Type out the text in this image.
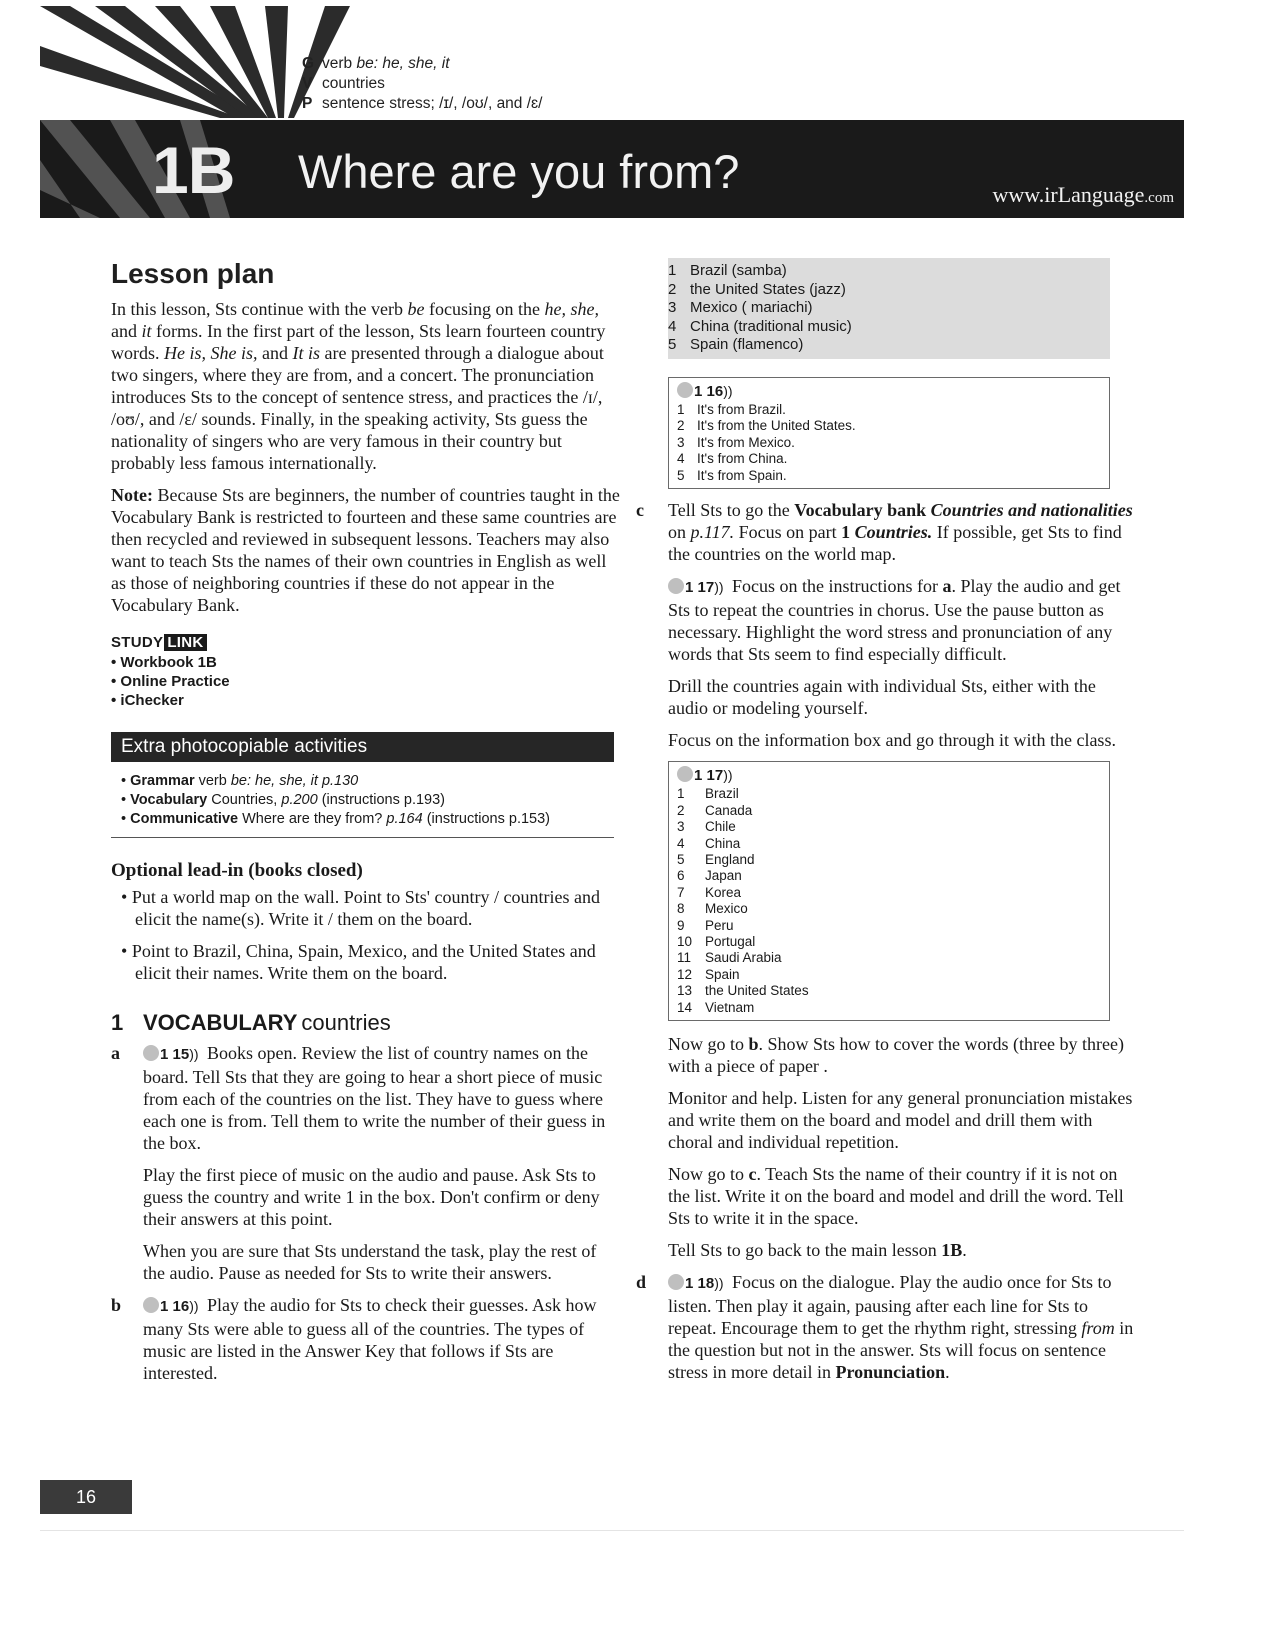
G verb be: he, she, it
V countries
P sentence stress; /ɪ/, /oʊ/, and /ɛ/
1B Where are you from?	www.irLanguage.com
Lesson plan

In this lesson, Sts continue with the verb be focusing on the he, she, and it forms. In the first part of the lesson, Sts learn fourteen country words. He is, She is, and It is are presented through a dialogue about two singers, where they are from, and a concert. The pronunciation introduces Sts to the concept of sentence stress, and practices the /ɪ/, /oʊ/, and /ɛ/ sounds. Finally, in the speaking activity, Sts guess the nationality of singers who are very famous in their country but probably less famous internationally.

Note: Because Sts are beginners, the number of countries taught in the Vocabulary Bank is restricted to fourteen and these same countries are then recycled and reviewed in subsequent lessons. Teachers may also want to teach Sts the names of their own countries in English as well as those of neighboring countries if these do not appear in the Vocabulary Bank.

STUDY LINK
• Workbook 1B
• Online Practice
• iChecker
Extra photocopiable activities
• Grammar verb be: he, she, it p.130
• Vocabulary Countries, p.200 (instructions p.193)
• Communicative Where are they from? p.164 (instructions p.153)
Optional lead-in (books closed)
• Put a world map on the wall. Point to Sts' country / countries and elicit the name(s). Write it / them on the board.
• Point to Brazil, China, Spain, Mexico, and the United States and elicit their names. Write them on the board.
1 VOCABULARY countries
a	1 15)) Books open. Review the list of country names on the board. Tell Sts that they are going to hear a short piece of music from each of the countries on the list. They have to guess where each one is from. Tell them to write the number of their guess in the box.

Play the first piece of music on the audio and pause. Ask Sts to guess the country and write 1 in the box. Don't confirm or deny their answers at this point.

When you are sure that Sts understand the task, play the rest of the audio. Pause as needed for Sts to write their answers.

b	1 16)) Play the audio for Sts to check their guesses. Ask how many Sts were able to guess all of the countries. The types of music are listed in the Answer Key that follows if Sts are interested.

1 Brazil (samba)
2 the United States (jazz)
3 Mexico ( mariachi)
4 China (traditional music)
5 Spain (flamenco)
1 16))
1 It's from Brazil.
2 It's from the United States.
3 It's from Mexico.
4 It's from China.
5 It's from Spain.
c Tell Sts to go the Vocabulary bank Countries and nationalities on p.117. Focus on part 1 Countries. If possible, get Sts to find the countries on the world map.

1 17)) Focus on the instructions for a. Play the audio and get Sts to repeat the countries in chorus. Use the pause button as necessary. Highlight the word stress and pronunciation of any words that Sts seem to find especially difficult.

Drill the countries again with individual Sts, either with the audio or modeling yourself.

Focus on the information box and go through it with the class.

1 17))
1 Brazil
2 Canada
3 Chile
4 China
5 England
6 Japan
7 Korea
8 Mexico
9 Peru
10 Portugal
11 Saudi Arabia
12 Spain
13 the United States
14 Vietnam

Now go to b. Show Sts how to cover the words (three by three) with a piece of paper .

Monitor and help. Listen for any general pronunciation mistakes and write them on the board and model and drill them with choral and individual repetition.

Now go to c. Teach Sts the name of their country if it is not on the list. Write it on the board and model and drill the word. Tell Sts to write it in the space.

Tell Sts to go back to the main lesson 1B.

d	1 18)) Focus on the dialogue. Play the audio once for Sts to listen. Then play it again, pausing after each line for Sts to repeat. Encourage them to get the rhythm right, stressing from in the question but not in the answer. Sts will focus on sentence stress in more detail in Pronunciation.

16
